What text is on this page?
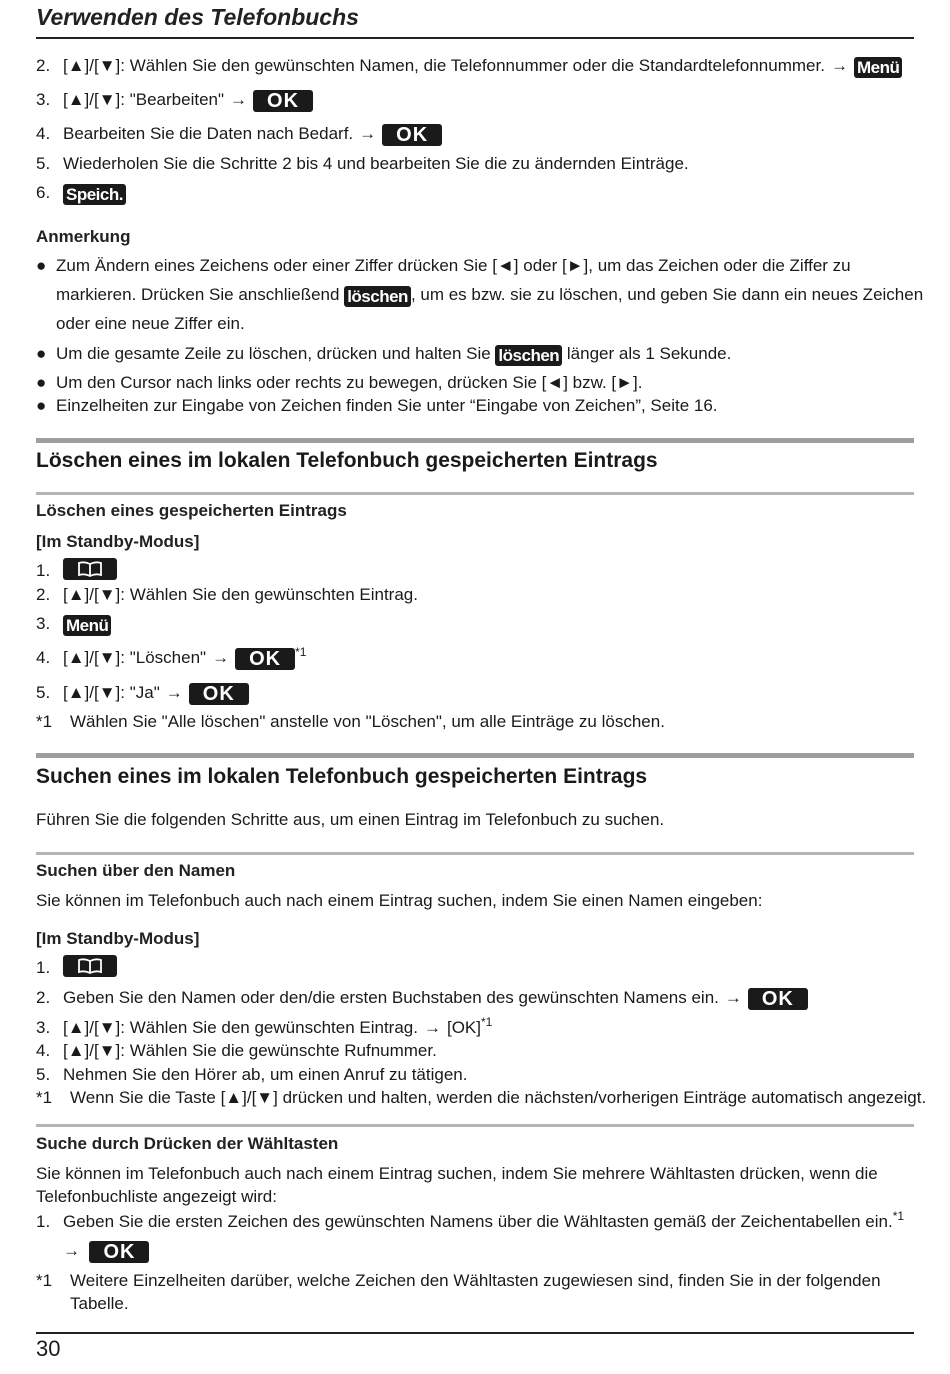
Verwenden des Telefonbuchs
2. [▲]/[▼]: Wählen Sie den gewünschten Namen, die Telefonnummer oder die Standardtelefonnummer. → Menü
3. [▲]/[▼]: "Bearbeiten" → OK
4. Bearbeiten Sie die Daten nach Bedarf. → OK
5. Wiederholen Sie die Schritte 2 bis 4 und bearbeiten Sie die zu ändernden Einträge.
6. Speich.
Anmerkung
● Zum Ändern eines Zeichens oder einer Ziffer drücken Sie [◄] oder [►], um das Zeichen oder die Ziffer zu
markieren. Drücken Sie anschließend löschen , um es bzw. sie zu löschen, und geben Sie dann ein neues Zeichen
oder eine neue Ziffer ein.
● Um die gesamte Zeile zu löschen, drücken und halten Sie löschen länger als 1 Sekunde.
● Um den Cursor nach links oder rechts zu bewegen, drücken Sie [◄] bzw. [►].
● Einzelheiten zur Eingabe von Zeichen finden Sie unter “Eingabe von Zeichen”, Seite 16.
Löschen eines im lokalen Telefonbuch gespeicherten Eintrags
Löschen eines gespeicherten Eintrags
[Im Standby-Modus]
1.
2. [▲]/[▼]: Wählen Sie den gewünschten Eintrag.
3. Menü
4. [▲]/[▼]: "Löschen" → OK $^{*1}$
5. [▲]/[▼]: "Ja" → OK
*1 Wählen Sie "Alle löschen" anstelle von "Löschen", um alle Einträge zu löschen.
Suchen eines im lokalen Telefonbuch gespeicherten Eintrags
Führen Sie die folgenden Schritte aus, um einen Eintrag im Telefonbuch zu suchen.
Suchen über den Namen
Sie können im Telefonbuch auch nach einem Eintrag suchen, indem Sie einen Namen eingeben:
[Im Standby-Modus]
1.
2. Geben Sie den Namen oder den/die ersten Buchstaben des gewünschten Namens ein. → OK
3. [▲]/[▼]: Wählen Sie den gewünschten Eintrag. → [OK]$^{*1}$
4. [▲]/[▼]: Wählen Sie die gewünschte Rufnummer.
5. Nehmen Sie den Hörer ab, um einen Anruf zu tätigen.
*1 Wenn Sie die Taste [▲]/[▼] drücken und halten, werden die nächsten/vorherigen Einträge automatisch angezeigt.
Suche durch Drücken der Wähltasten
Sie können im Telefonbuch auch nach einem Eintrag suchen, indem Sie mehrere Wähltasten drücken, wenn die
Telefonbuchliste angezeigt wird:
1. Geben Sie die ersten Zeichen des gewünschten Namens über die Wähltasten gemäß der Zeichentabellen ein.$^{*1}$
→ OK
*1 Weitere Einzelheiten darüber, welche Zeichen den Wähltasten zugewiesen sind, finden Sie in der folgenden
Tabelle.
30
